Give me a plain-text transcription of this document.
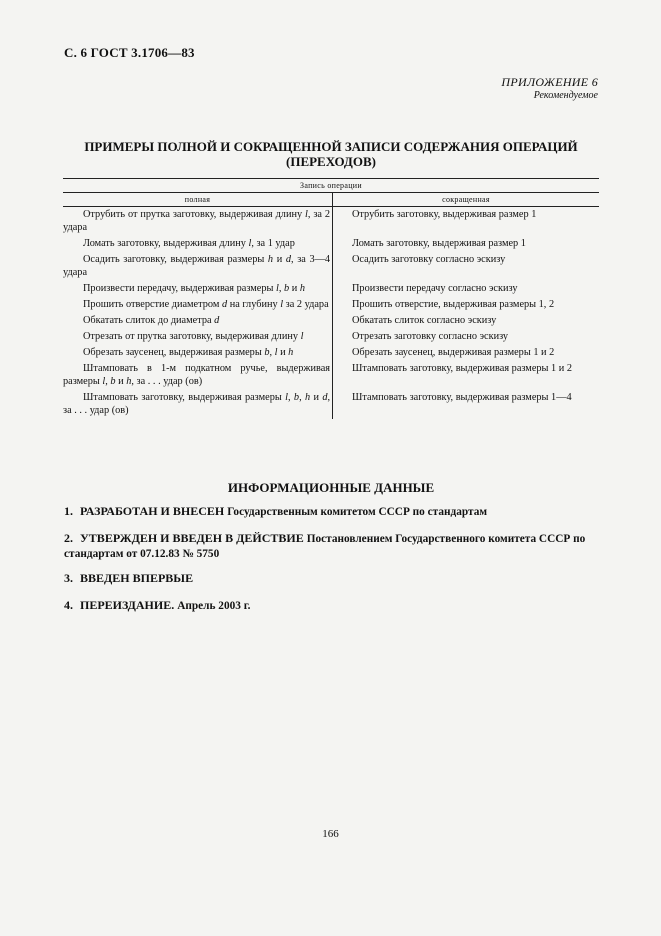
С. 6 ГОСТ 3.1706—83
ПРИЛОЖЕНИЕ 6
Рекомендуемое
ПРИМЕРЫ ПОЛНОЙ И СОКРАЩЕННОЙ ЗАПИСИ СОДЕРЖАНИЯ ОПЕРАЦИЙ
(ПЕРЕХОДОВ)
Запись операции	
полная	сокращенная
Отрубить от прутка заготовку, выдерживая длину l, за 2 удара	Отрубить заготовку, выдерживая размер 1
Ломать заготовку, выдерживая длину l, за 1 удар	Ломать заготовку, выдерживая размер 1
Осадить заготовку, выдерживая размеры h и d, за 3—4 удара	Осадить заготовку согласно эскизу
Произвести передачу, выдерживая размеры l, b и h	Произвести передачу согласно эскизу
Прошить отверстие диаметром d на глубину l за 2 удара	Прошить отверстие, выдерживая размеры 1, 2
Обкатать слиток до диаметра d	Обкатать слиток согласно эскизу
Отрезать от прутка заготовку, выдерживая длину l	Отрезать заготовку согласно эскизу
Обрезать заусенец, выдерживая размеры b, l и h	Обрезать заусенец, выдерживая размеры 1 и 2
Штамповать в 1-м подкатном ручье, выдерживая размеры l, b и h, за . . . удар (ов)	Штамповать заготовку, выдерживая размеры 1 и 2
Штамповать заготовку, выдерживая размеры l, b, h и d, за . . . удар (ов)	Штамповать заготовку, выдерживая размеры 1—4
ИНФОРМАЦИОННЫЕ ДАННЫЕ
1. РАЗРАБОТАН И ВНЕСЕН Государственным комитетом СССР по стандартам
2. УТВЕРЖДЕН И ВВЕДЕН В ДЕЙСТВИЕ Постановлением Государственного комитета СССР по стандартам от 07.12.83 № 5750
3. ВВЕДЕН ВПЕРВЫЕ
4. ПЕРЕИЗДАНИЕ. Апрель 2003 г.
166
